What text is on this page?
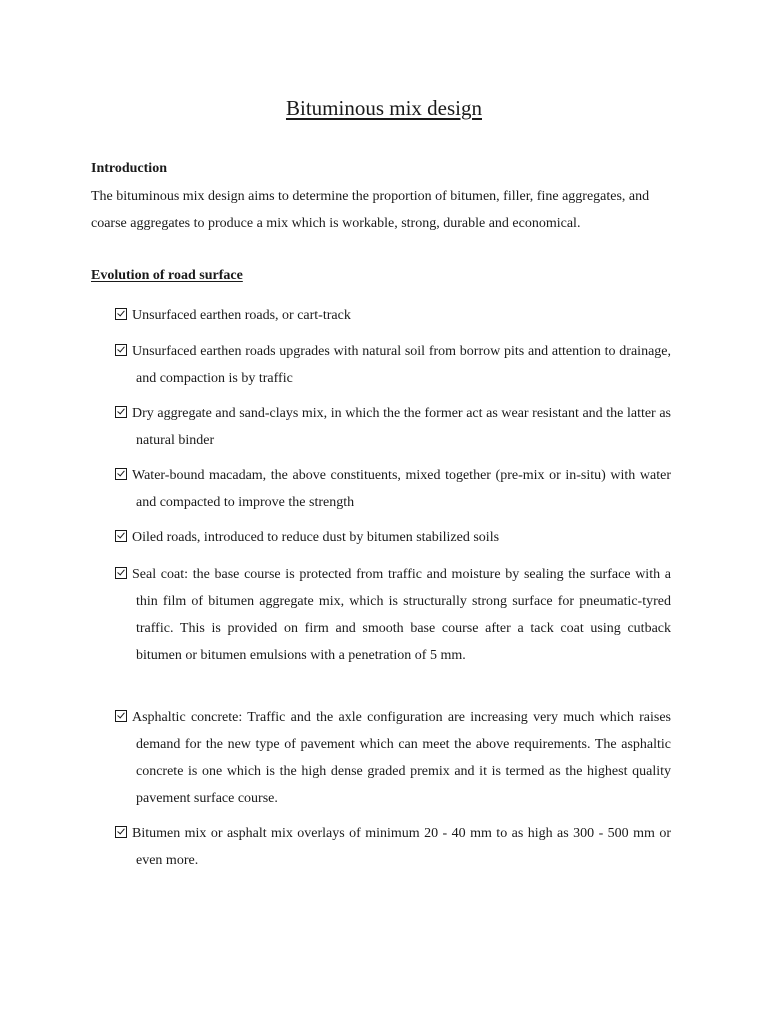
Bituminous mix design
Introduction
The bituminous mix design aims to determine the proportion of bitumen, filler, fine aggregates, and coarse aggregates to produce a mix which is workable, strong, durable and economical.
Evolution of road surface
Unsurfaced earthen roads, or cart-track
Unsurfaced earthen roads upgrades with natural soil from borrow pits and attention to drainage, and compaction is by traffic
Dry aggregate and sand-clays mix, in which the the former act as wear resistant and the latter as natural binder
Water-bound macadam, the above constituents, mixed together (pre-mix or in-situ) with water and compacted to improve the strength
Oiled roads, introduced to reduce dust by bitumen stabilized soils
Seal coat: the base course is protected from traffic and moisture by sealing the surface with a thin film of bitumen aggregate mix, which is structurally strong surface for pneumatic-tyred traffic. This is provided on firm and smooth base course after a tack coat using cutback bitumen or bitumen emulsions with a penetration of 5 mm.
Asphaltic concrete: Traffic and the axle configuration are increasing very much which raises demand for the new type of pavement which can meet the above requirements. The asphaltic concrete is one which is the high dense graded premix and it is termed as the highest quality pavement surface course.
Bitumen mix or asphalt mix overlays of minimum 20 - 40 mm to as high as 300 - 500 mm or even more.
